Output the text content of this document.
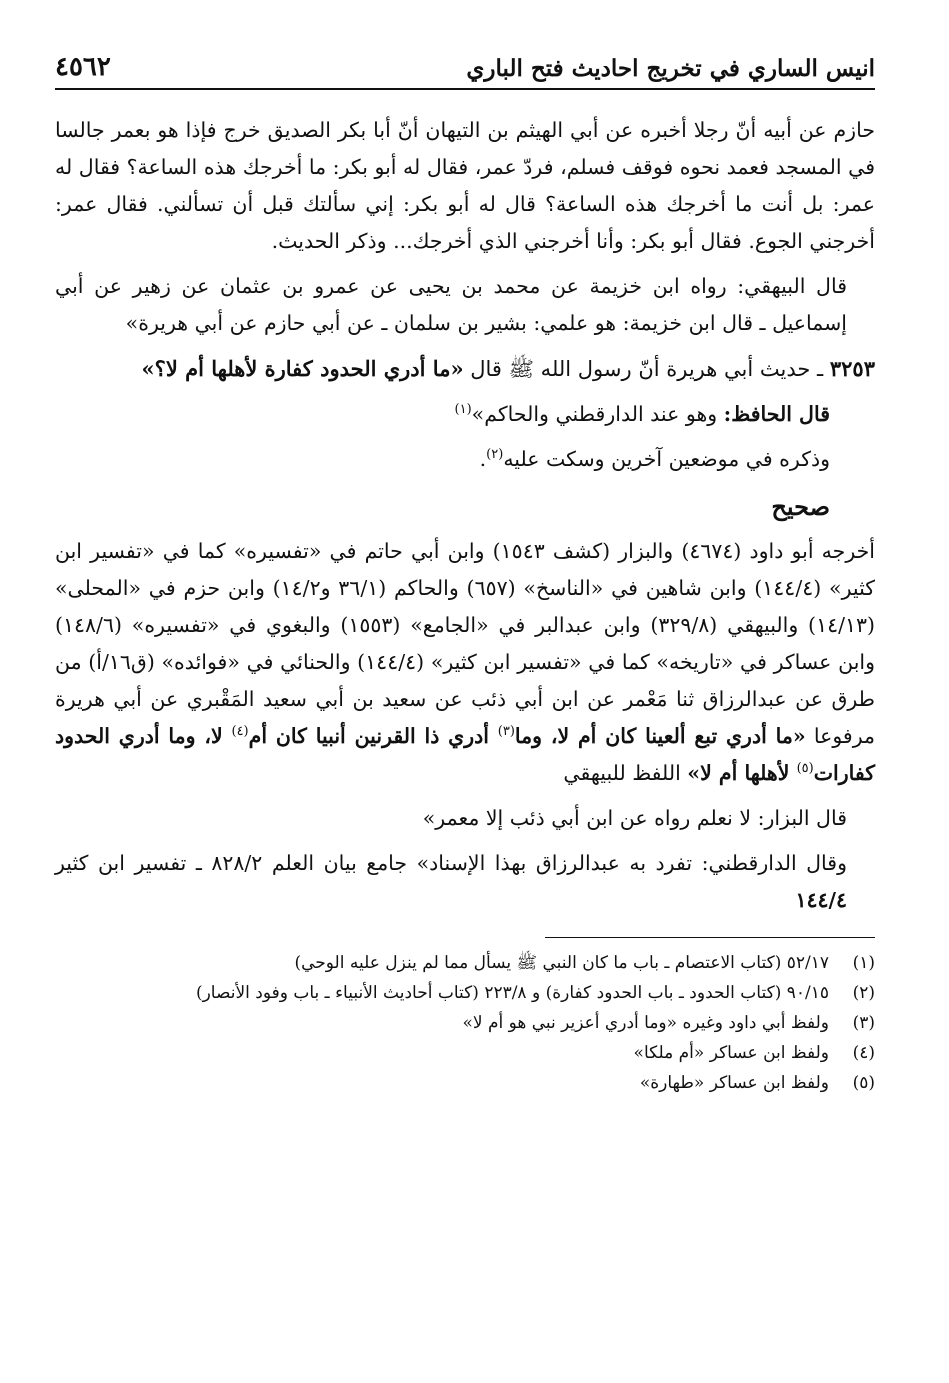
انيس الساري في تخريج احاديث فتح الباري
٤٥٦٢

حازم عن أبيه أنّ رجلا أخبره عن أبي الهيثم بن التيهان أنّ أبا بكر الصديق خرج فإذا هو بعمر جالسا في المسجد فعمد نحوه فوقف فسلم، فردّ عمر، فقال له أبو بكر: ما أخرجك هذه الساعة؟ فقال له عمر: بل أنت ما أخرجك هذه الساعة؟ قال له أبو بكر: إني سألتك قبل أن تسألني. فقال عمر: أخرجني الجوع. فقال أبو بكر: وأنا أخرجني الذي أخرجك... وذكر الحديث.

قال البيهقي: رواه ابن خزيمة عن محمد بن يحيى عن عمرو بن عثمان عن زهير عن أبي إسماعيل ـ قال ابن خزيمة: هو علمي: بشير بن سلمان ـ عن أبي حازم عن أبي هريرة»

٣٢٥٣ ـ حديث أبي هريرة أنّ رسول الله ﷺ قال «ما أدري الحدود كفارة لأهلها أم لا؟»

قال الحافظ: وهو عند الدارقطني والحاكم»$^{(١)}$

وذكره في موضعين آخرين وسكت عليه$^{(٢)}$.

صحيح

أخرجه أبو داود (٤٦٧٤) والبزار (كشف ١٥٤٣) وابن أبي حاتم في «تفسيره» كما في «تفسير ابن كثير» (١٤٤/٤) وابن شاهين في «الناسخ» (٦٥٧) والحاكم (٣٦/١ و١٤/٢) وابن حزم في «المحلى» (١٤/١٣) والبيهقي (٣٢٩/٨) وابن عبدالبر في «الجامع» (١٥٥٣) والبغوي في «تفسيره» (١٤٨/٦) وابن عساكر في «تاريخه» كما في «تفسير ابن كثير» (١٤٤/٤) والحنائي في «فوائده» (ق١٦/أ) من طرق عن عبدالرزاق ثنا مَعْمر عن ابن أبي ذئب عن سعيد بن أبي سعيد المَقْبري عن أبي هريرة مرفوعا «ما أدري تبع ألعينا كان أم لا، وما$^{(٣)}$ أدري ذا القرنين أنبيا كان أم$^{(٤)}$ لا، وما أدري الحدود كفارات$^{(٥)}$ لأهلها أم لا» اللفظ للبيهقي

قال البزار: لا نعلم رواه عن ابن أبي ذئب إلا معمر»

وقال الدارقطني: تفرد به عبدالرزاق بهذا الإسناد» جامع بيان العلم ٨٢٨/٢ ـ تفسير ابن كثير ١٤٤/٤

(١)
٥٢/١٧ (كتاب الاعتصام ـ باب ما كان النبي ﷺ يسأل مما لم ينزل عليه الوحي)
(٢)
٩٠/١٥ (كتاب الحدود ـ باب الحدود كفارة) و ٢٢٣/٨ (كتاب أحاديث الأنبياء ـ باب وفود الأنصار)
(٣)
ولفظ أبي داود وغيره «وما أدري أعزير نبي هو أم لا»
(٤)
ولفظ ابن عساكر «أم ملكا»
(٥)
ولفظ ابن عساكر «طهارة»
